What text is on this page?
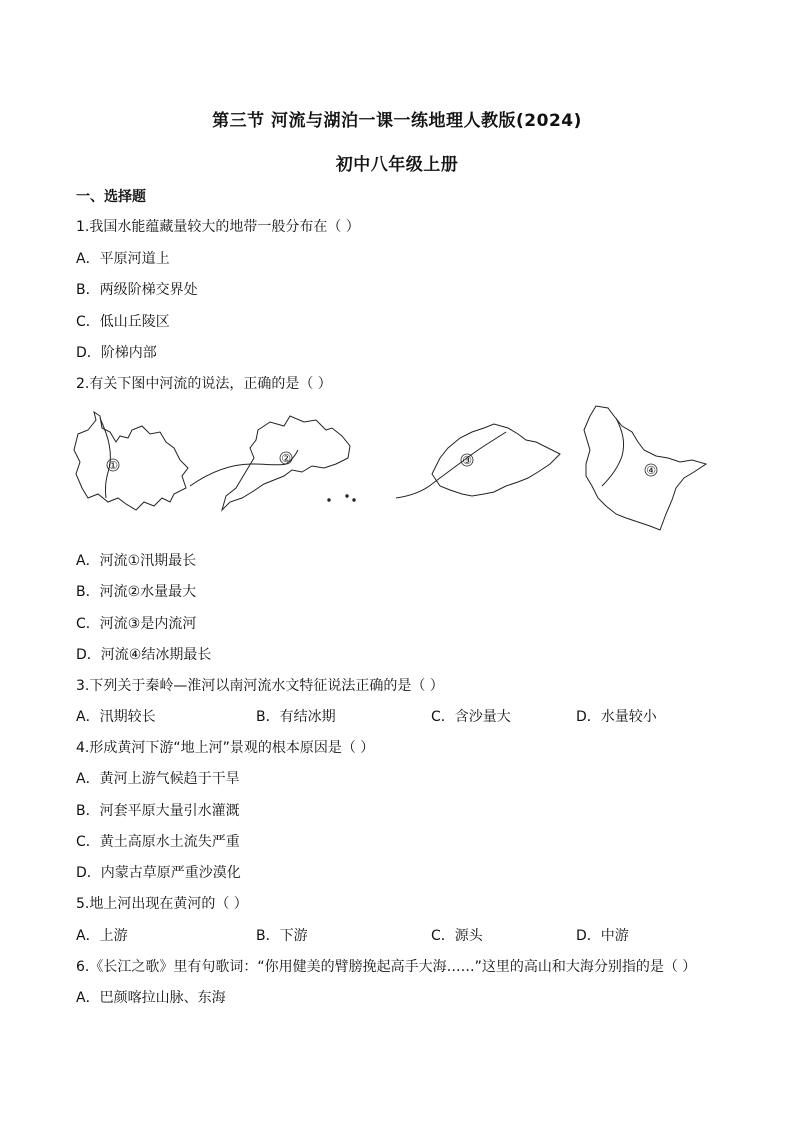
第三节 河流与湖泊一课一练地理人教版(2024)
初中八年级上册
一、选择题
1.我国水能蕴藏量较大的地带一般分布在（ ）
A．平原河道上
B．两级阶梯交界处
C．低山丘陵区
D．阶梯内部
2.有关下图中河流的说法，正确的是（ ）
①
②	③
④
A．河流①汛期最长
B．河流②水量最大
C．河流③是内流河
D．河流④结冰期最长
3.下列关于秦岭—淮河以南河流水文特征说法正确的是（ ）
A．汛期较长	B．有结冰期	C．含沙量大	D．水量较小
4.形成黄河下游“地上河”景观的根本原因是（ ）
A．黄河上游气候趋于干旱
B．河套平原大量引水灌溉
C．黄土高原水土流失严重
D．内蒙古草原严重沙漠化
5.地上河出现在黄河的（ ）
A．上游	B．下游	C．源头	D．中游
6.《长江之歌》里有句歌词：“你用健美的臂膀挽起高手大海……”这里的高山和大海分别指的是（ ）
A．巴颜喀拉山脉、东海
